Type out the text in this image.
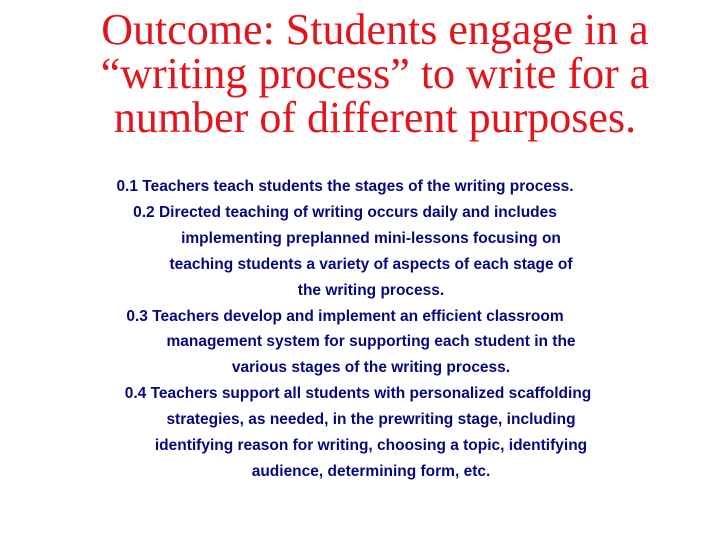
Outcome: Students engage in a
“writing process” to write for a
number of different purposes.
0.1 Teachers teach students the stages of the writing process.
0.2 Directed teaching of writing occurs daily and includes
implementing preplanned mini-lessons focusing on
teaching students a variety of aspects of each stage of
the writing process.
0.3 Teachers develop and implement an efficient classroom
management system for supporting each student in the
various stages of the writing process.
0.4 Teachers support all students with personalized scaffolding
strategies, as needed, in the prewriting stage, including
identifying reason for writing, choosing a topic, identifying
audience, determining form, etc.
